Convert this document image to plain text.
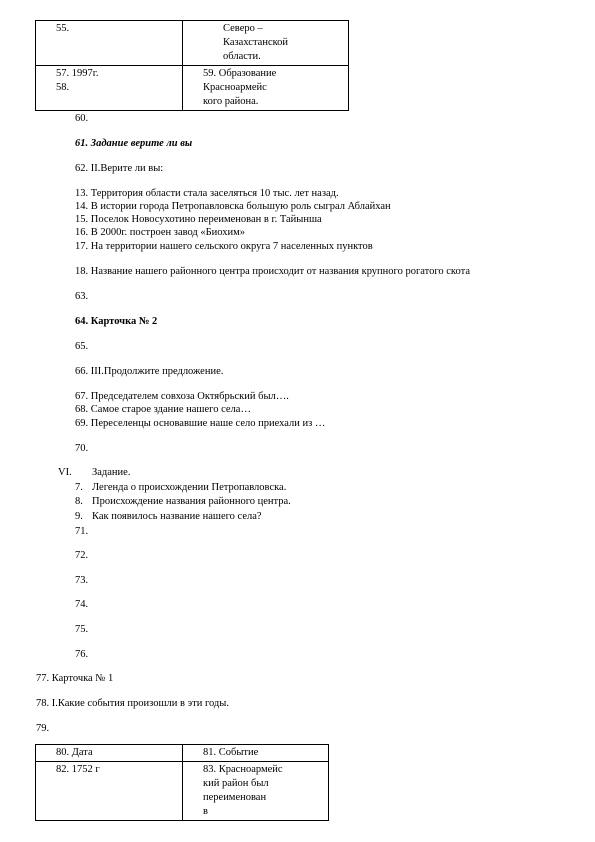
55.	Северо –
Казахстанской
области.
57. 1997г.
58.	59. Образование
Красноармейс
кого района.
60.
61. Задание верите ли вы
62. II.Верите ли вы:
13. Территория области стала заселяться 10 тыс. лет назад.
14. В истории города Петропавловска большую роль сыграл Аблайхан
15. Поселок Новосухотино переименован в г. Тайынша
16. В 2000г. построен завод «Биохим»
17. На территории нашего сельского округа 7 населенных пунктов
18. Название нашего районного центра происходит от названия крупного рогатого скота
63.
64. Карточка № 2
65.
66. III.Продолжите предложение.
67. Председателем совхоза Октябрьский был….
68. Самое старое здание нашего села…
69. Переселенцы основавшие наше село приехали из …
70.
VI. Задание.
7. Легенда о происхождении Петропавловска.
8. Происхождение названия районного центра.
9. Как появилось название нашего села?
71.
72.
73.
74.
75.
76.
77. Карточка № 1
78. I.Какие события произошли в эти годы.
79.
80. Дата	81. Событие
82. 1752 г	83. Красноармейс
кий район был
переименован
в
